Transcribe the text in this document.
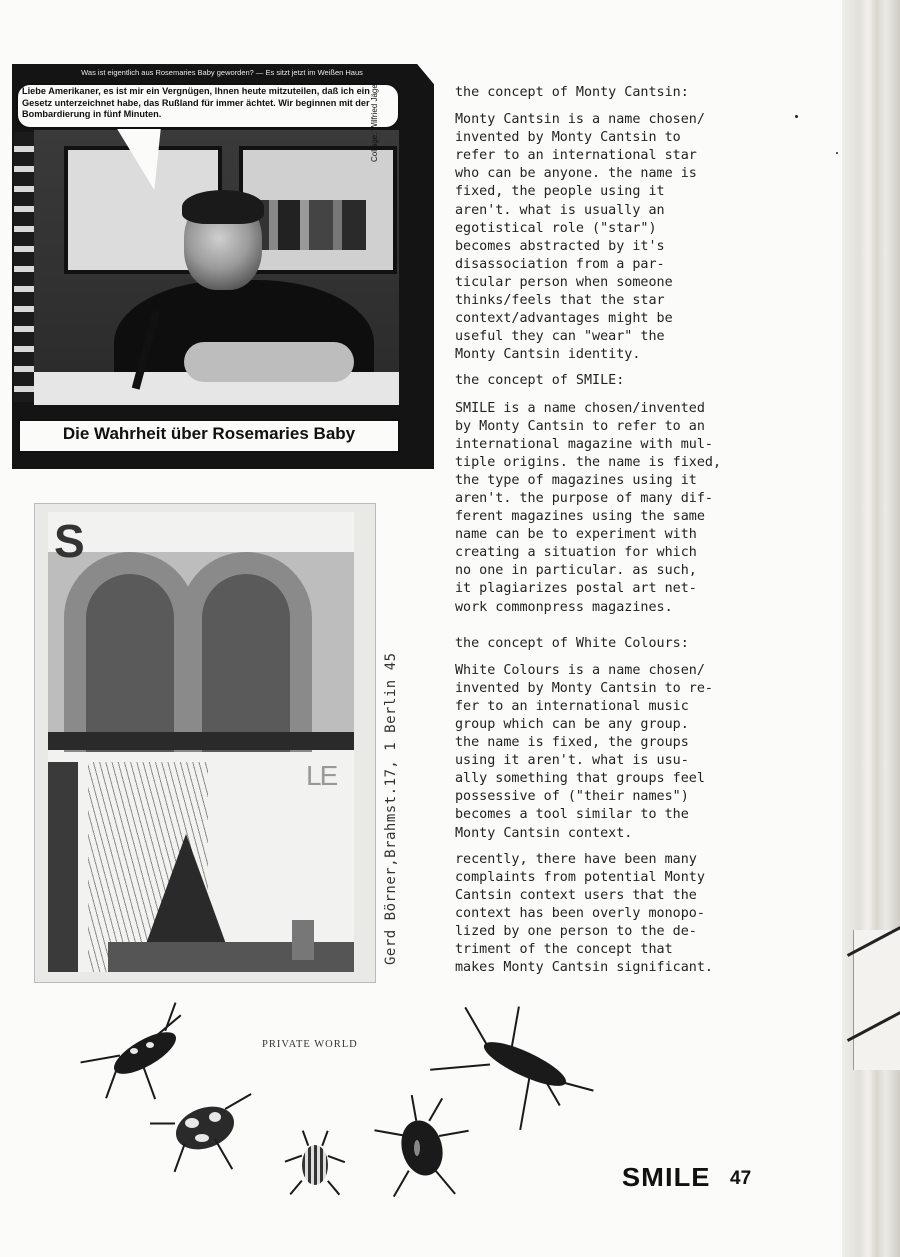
Was ist eigentlich aus Rosemaries Baby geworden? — Es sitzt jetzt im Weißen Haus
Liebe Amerikaner, es ist mir ein Vergnügen, Ihnen heute mitzuteilen, daß ich ein Gesetz unterzeichnet habe, das Rußland für immer ächtet. Wir beginnen mit der Bombardierung in fünf Minuten.	Collage: Wilfried Jäger
Die Wahrheit über Rosemaries Baby
S
LE	Gerd Börner,Brahmst.17, 1 Berlin 45

the concept of Monty Cantsin:

Monty Cantsin is a name chosen/
invented by Monty Cantsin to
refer to an international star
who can be anyone. the name is
fixed, the people using it
aren't. what is usually an
egotistical role ("star")
becomes abstracted by it's
disassociation from a par-
ticular person when someone
thinks/feels that the star
context/advantages might be
useful they can "wear" the
Monty Cantsin identity.

the concept of SMILE:

SMILE is a name chosen/invented
by Monty Cantsin to refer to an
international magazine with mul-
tiple origins. the name is fixed,
the type of magazines using it
aren't. the purpose of many dif-
ferent magazines using the same
name can be to experiment with
creating a situation for which
no one in particular. as such,
it plagiarizes postal art net-
work commonpress magazines.

the concept of White Colours:

White Colours is a name chosen/
invented by Monty Cantsin to re-
fer to an international music
group which can be any group.
the name is fixed, the groups
using it aren't. what is usu-
ally something that groups feel
possessive of ("their names")
becomes a tool similar to the
Monty Cantsin context.

recently, there have been many
complaints from potential Monty
Cantsin context users that the
context has been overly monopo-
lized by one person to the de-
triment of the concept that
makes Monty Cantsin significant.

PRIVATE WORLD
SMILE 47
